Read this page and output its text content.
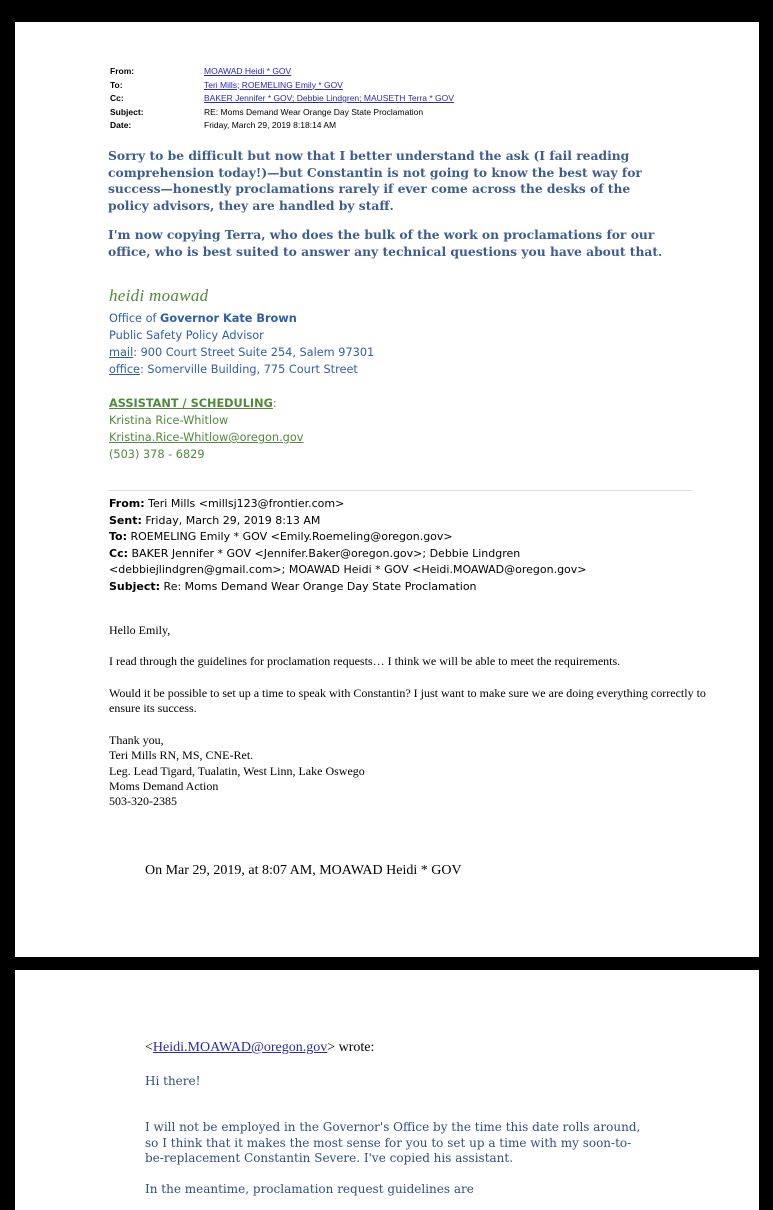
From:	MOAWAD Heidi * GOV
To:	Teri Mills; ROEMELING Emily * GOV
Cc:	BAKER Jennifer * GOV; Debbie Lindgren; MAUSETH Terra * GOV
Subject:	RE: Moms Demand Wear Orange Day State Proclamation
Date:	Friday, March 29, 2019 8:18:14 AM
Sorry to be difficult but now that I better understand the ask (I fail reading comprehension today!)—but Constantin is not going to know the best way for success—honestly proclamations rarely if ever come across the desks of the policy advisors, they are handled by staff.
I'm now copying Terra, who does the bulk of the work on proclamations for our office, who is best suited to answer any technical questions you have about that.
heidi moawad
Office of Governor Kate Brown
Public Safety Policy Advisor
mail: 900 Court Street Suite 254, Salem 97301
office: Somerville Building, 775 Court Street
ASSISTANT / SCHEDULING:
Kristina Rice-Whitlow
Kristina.Rice-Whitlow@oregon.gov
(503) 378 - 6829
From: Teri Mills <millsj123@frontier.com>
Sent: Friday, March 29, 2019 8:13 AM
To: ROEMELING Emily * GOV <Emily.Roemeling@oregon.gov>
Cc: BAKER Jennifer * GOV <Jennifer.Baker@oregon.gov>; Debbie Lindgren
<debbiejlindgren@gmail.com>; MOAWAD Heidi * GOV <Heidi.MOAWAD@oregon.gov>
Subject: Re: Moms Demand Wear Orange Day State Proclamation
Hello Emily,
I read through the guidelines for proclamation requests… I think we will be able to meet the requirements.
Would it be possible to set up a time to speak with Constantin? I just want to make sure we are doing everything correctly to ensure its success.
Thank you,
Teri Mills RN, MS, CNE-Ret.
Leg. Lead Tigard, Tualatin, West Linn, Lake Oswego
Moms Demand Action
503-320-2385
On Mar 29, 2019, at 8:07 AM, MOAWAD Heidi * GOV
<Heidi.MOAWAD@oregon.gov> wrote:
Hi there!
I will not be employed in the Governor's Office by the time this date rolls around, so I think that it makes the most sense for you to set up a time with my soon-to-be-replacement Constantin Severe. I've copied his assistant.
In the meantime, proclamation request guidelines are
